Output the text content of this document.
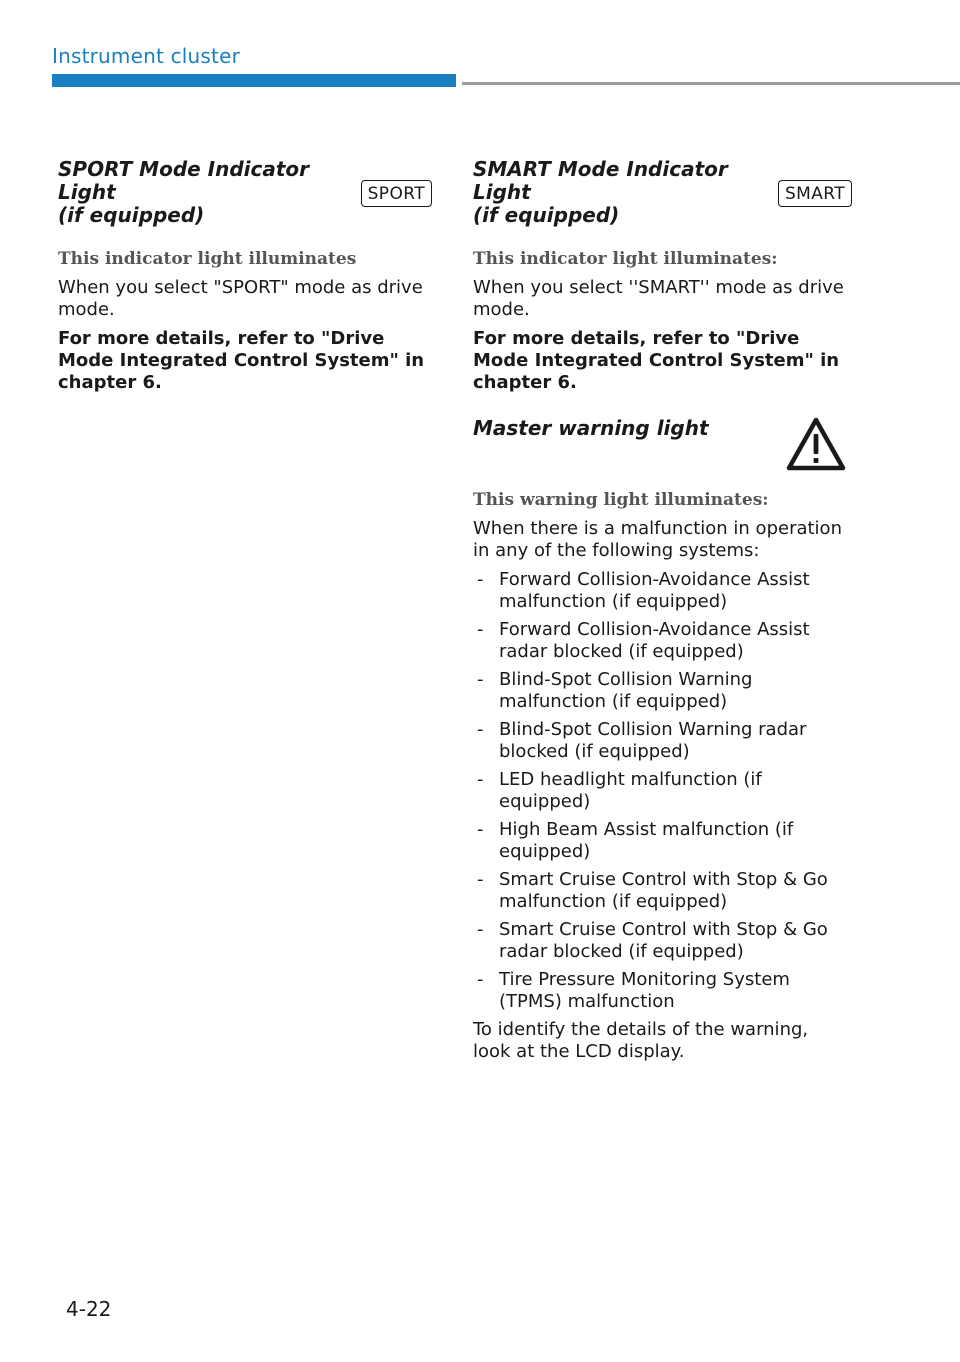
Instrument cluster
SPORT Mode Indicator Light
(if equipped)
SPORT

This indicator light illuminates

When you select "SPORT" mode as drive mode.

For more details, refer to "Drive Mode Integrated Control System" in chapter 6.

SMART Mode Indicator Light
(if equipped)
SMART

This indicator light illuminates:

When you select ''SMART'' mode as drive mode.

For more details, refer to "Drive Mode Integrated Control System" in chapter 6.

Master warning light

This warning light illuminates:

When there is a malfunction in operation in any of the following systems:

- Forward Collision-Avoidance Assist malfunction (if equipped)
- Forward Collision-Avoidance Assist radar blocked (if equipped)
- Blind-Spot Collision Warning malfunction (if equipped)
- Blind-Spot Collision Warning radar blocked (if equipped)
- LED headlight malfunction (if equipped)
- High Beam Assist malfunction (if equipped)
- Smart Cruise Control with Stop & Go malfunction (if equipped)
- Smart Cruise Control with Stop & Go radar blocked (if equipped)
- Tire Pressure Monitoring System (TPMS) malfunction

To identify the details of the warning, look at the LCD display.

4-22
